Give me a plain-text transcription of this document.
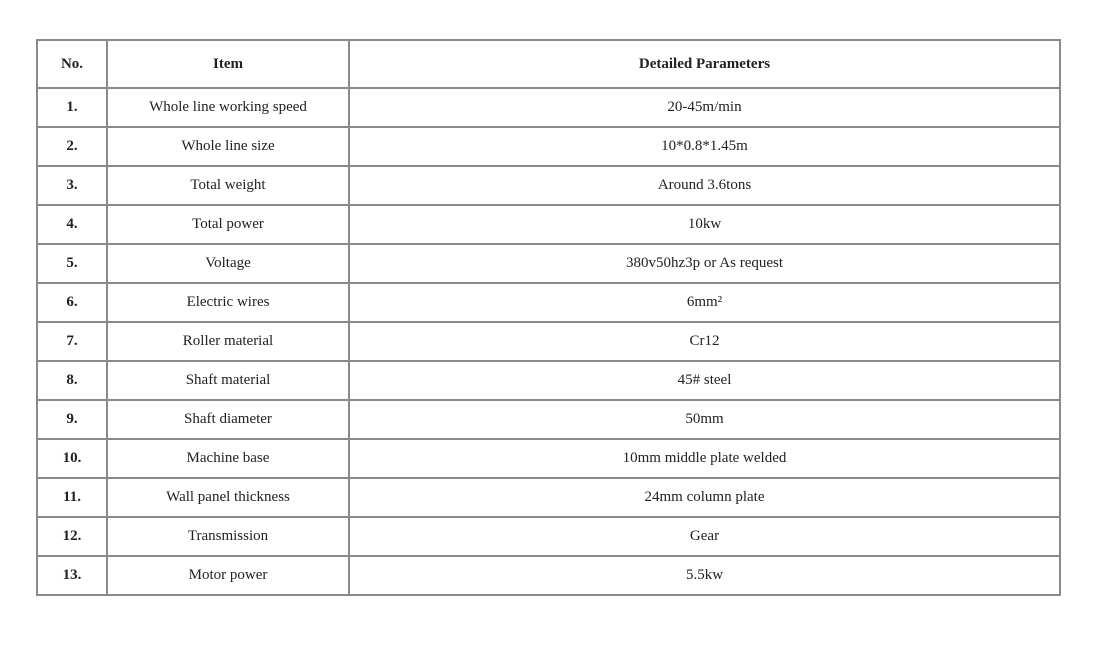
No.	Item	Detailed Parameters
1.	Whole line working speed	20-45m/min
2.	Whole line size	10*0.8*1.45m
3.	Total weight	Around 3.6tons
4.	Total power	10kw
5.	Voltage	380v50hz3p or As request
6.	Electric wires	6mm²
7.	Roller material	Cr12
8.	Shaft material	45# steel
9.	Shaft diameter	50mm
10.	Machine base	10mm middle plate welded
11.	Wall panel thickness	24mm column plate
12.	Transmission	Gear
13.	Motor power	5.5kw
